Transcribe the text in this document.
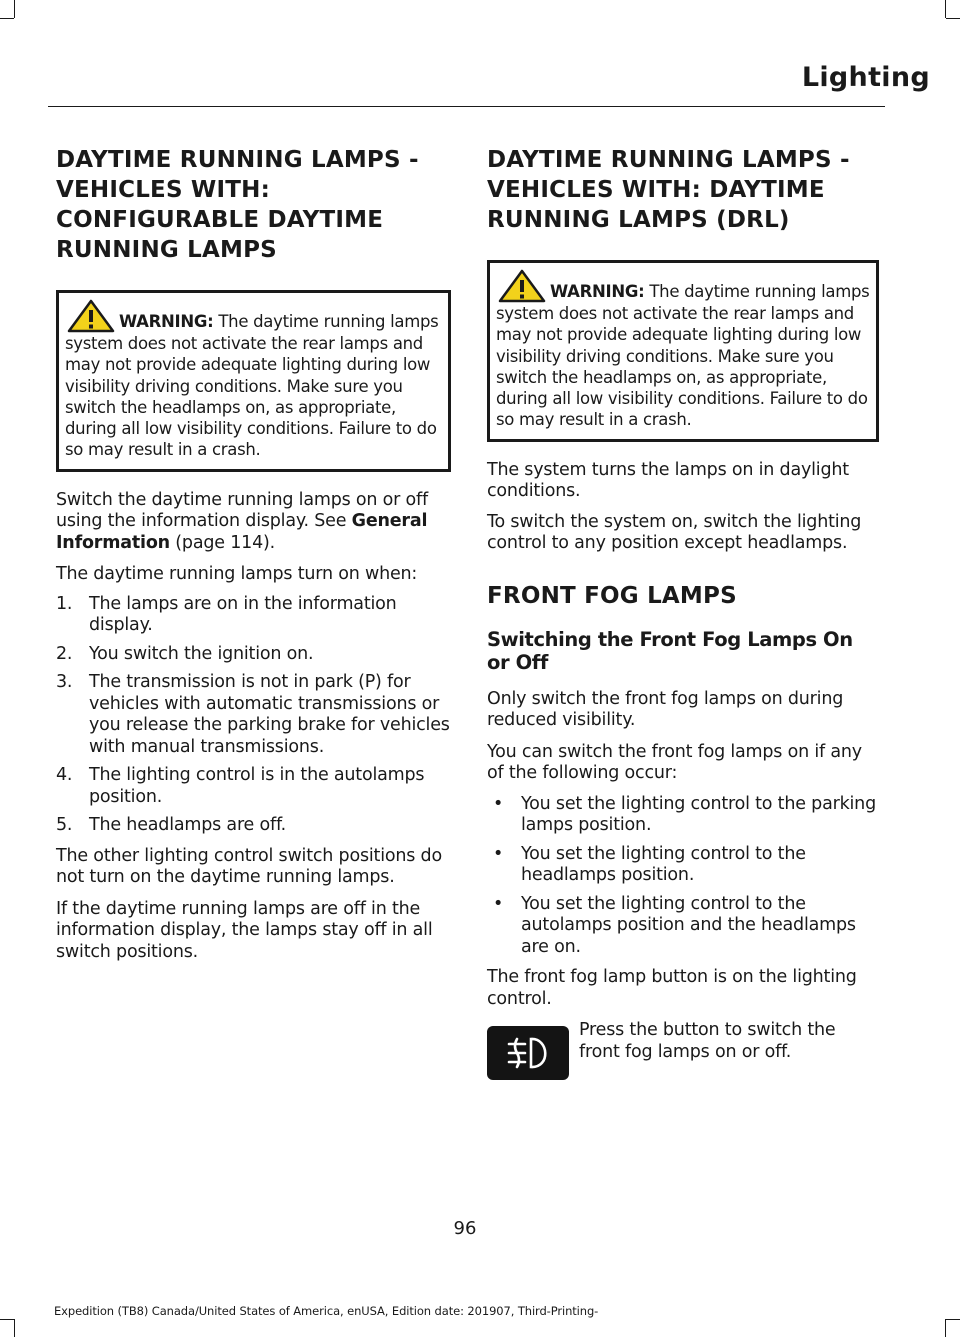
Lighting
DAYTIME RUNNING LAMPS - VEHICLES WITH: CONFIGURABLE DAYTIME RUNNING LAMPS
WARNING: The daytime running lamps system does not activate the rear lamps and may not provide adequate lighting during low visibility driving conditions. Make sure you switch the headlamps on, as appropriate, during all low visibility conditions. Failure to do so may result in a crash.

Switch the daytime running lamps on or off using the information display. See General Information (page 114).

The daytime running lamps turn on when:

1. The lamps are on in the information display.
2. You switch the ignition on.
3. The transmission is not in park (P) for vehicles with automatic transmissions or you release the parking brake for vehicles with manual transmissions.
4. The lighting control is in the autolamps position.
5. The headlamps are off.

The other lighting control switch positions do not turn on the daytime running lamps.

If the daytime running lamps are off in the information display, the lamps stay off in all switch positions.

DAYTIME RUNNING LAMPS - VEHICLES WITH: DAYTIME RUNNING LAMPS (DRL)
WARNING: The daytime running lamps system does not activate the rear lamps and may not provide adequate lighting during low visibility driving conditions. Make sure you switch the headlamps on, as appropriate, during all low visibility conditions. Failure to do so may result in a crash.

The system turns the lamps on in daylight conditions.

To switch the system on, switch the lighting control to any position except headlamps.

FRONT FOG LAMPS
Switching the Front Fog Lamps On or Off

Only switch the front fog lamps on during reduced visibility.

You can switch the front fog lamps on if any of the following occur:

• You set the lighting control to the parking lamps position.
• You set the lighting control to the headlamps position.
• You set the lighting control to the autolamps position and the headlamps are on.

The front fog lamp button is on the lighting control.

Press the button to switch the front fog lamps on or off.

96

Expedition (TB8) Canada/United States of America, enUSA, Edition date: 201907, Third-Printing-
